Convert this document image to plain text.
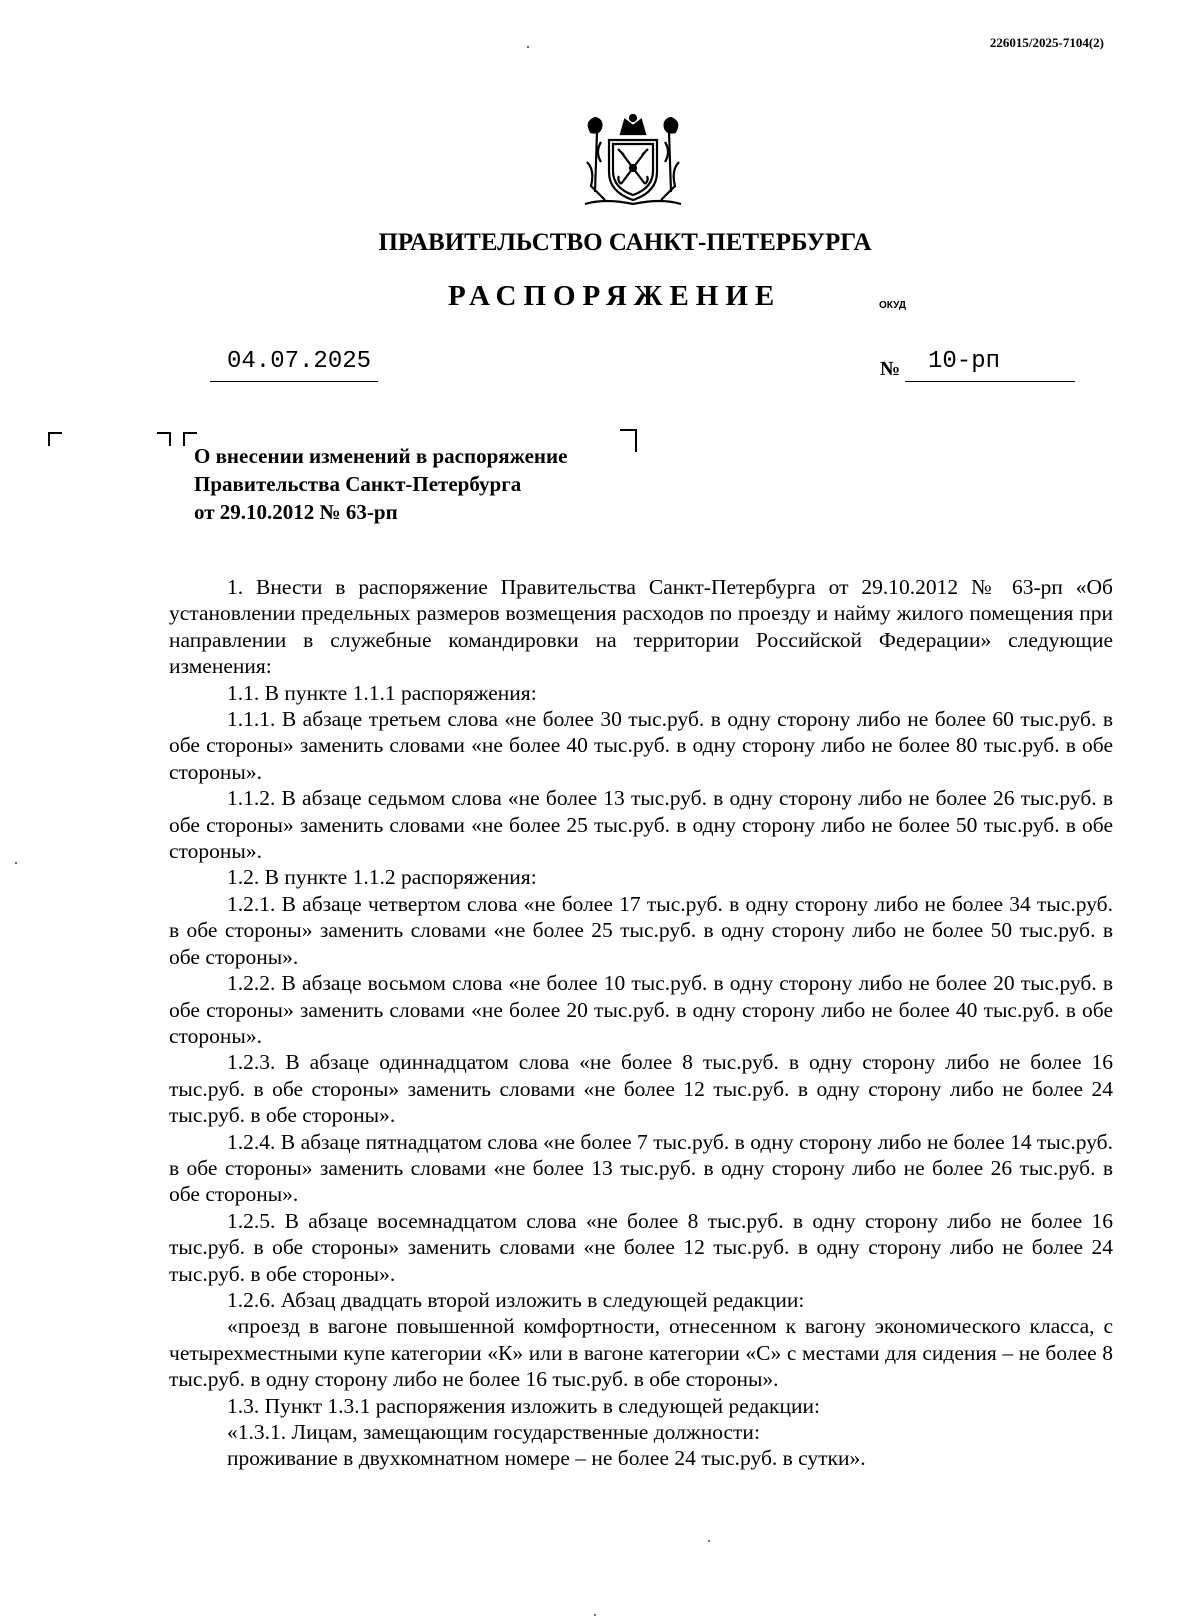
226015/2025-7104(2)
ПРАВИТЕЛЬСТВО САНКТ-ПЕТЕРБУРГА
РАСПОРЯЖЕНИЕ	ОКУД
04.07.2025	№ 10-рп
О внесении изменений в распоряжение
Правительства Санкт-Петербурга
от 29.10.2012 № 63-рп

1. Внести в распоряжение Правительства Санкт-Петербурга от 29.10.2012 № 63-рп «Об установлении предельных размеров возмещения расходов по проезду и найму жилого помещения при направлении в служебные командировки на территории Российской Федерации» следующие изменения:

1.1. В пункте 1.1.1 распоряжения:

1.1.1. В абзаце третьем слова «не более 30 тыс.руб. в одну сторону либо не более 60 тыс.руб. в обе стороны» заменить словами «не более 40 тыс.руб. в одну сторону либо не более 80 тыс.руб. в обе стороны».

1.1.2. В абзаце седьмом слова «не более 13 тыс.руб. в одну сторону либо не более 26 тыс.руб. в обе стороны» заменить словами «не более 25 тыс.руб. в одну сторону либо не более 50 тыс.руб. в обе стороны».

1.2. В пункте 1.1.2 распоряжения:

1.2.1. В абзаце четвертом слова «не более 17 тыс.руб. в одну сторону либо не более 34 тыс.руб. в обе стороны» заменить словами «не более 25 тыс.руб. в одну сторону либо не более 50 тыс.руб. в обе стороны».

1.2.2. В абзаце восьмом слова «не более 10 тыс.руб. в одну сторону либо не более 20 тыс.руб. в обе стороны» заменить словами «не более 20 тыс.руб. в одну сторону либо не более 40 тыс.руб. в обе стороны».

1.2.3. В абзаце одиннадцатом слова «не более 8 тыс.руб. в одну сторону либо не более 16 тыс.руб. в обе стороны» заменить словами «не более 12 тыс.руб. в одну сторону либо не более 24 тыс.руб. в обе стороны».

1.2.4. В абзаце пятнадцатом слова «не более 7 тыс.руб. в одну сторону либо не более 14 тыс.руб. в обе стороны» заменить словами «не более 13 тыс.руб. в одну сторону либо не более 26 тыс.руб. в обе стороны».

1.2.5. В абзаце восемнадцатом слова «не более 8 тыс.руб. в одну сторону либо не более 16 тыс.руб. в обе стороны» заменить словами «не более 12 тыс.руб. в одну сторону либо не более 24 тыс.руб. в обе стороны».

1.2.6. Абзац двадцать второй изложить в следующей редакции:

«проезд в вагоне повышенной комфортности, отнесенном к вагону экономического класса, с четырехместными купе категории «К» или в вагоне категории «С» с местами для сидения – не более 8 тыс.руб. в одну сторону либо не более 16 тыс.руб. в обе стороны».

1.3. Пункт 1.3.1 распоряжения изложить в следующей редакции:

«1.3.1. Лицам, замещающим государственные должности:

проживание в двухкомнатном номере – не более 24 тыс.руб. в сутки».
